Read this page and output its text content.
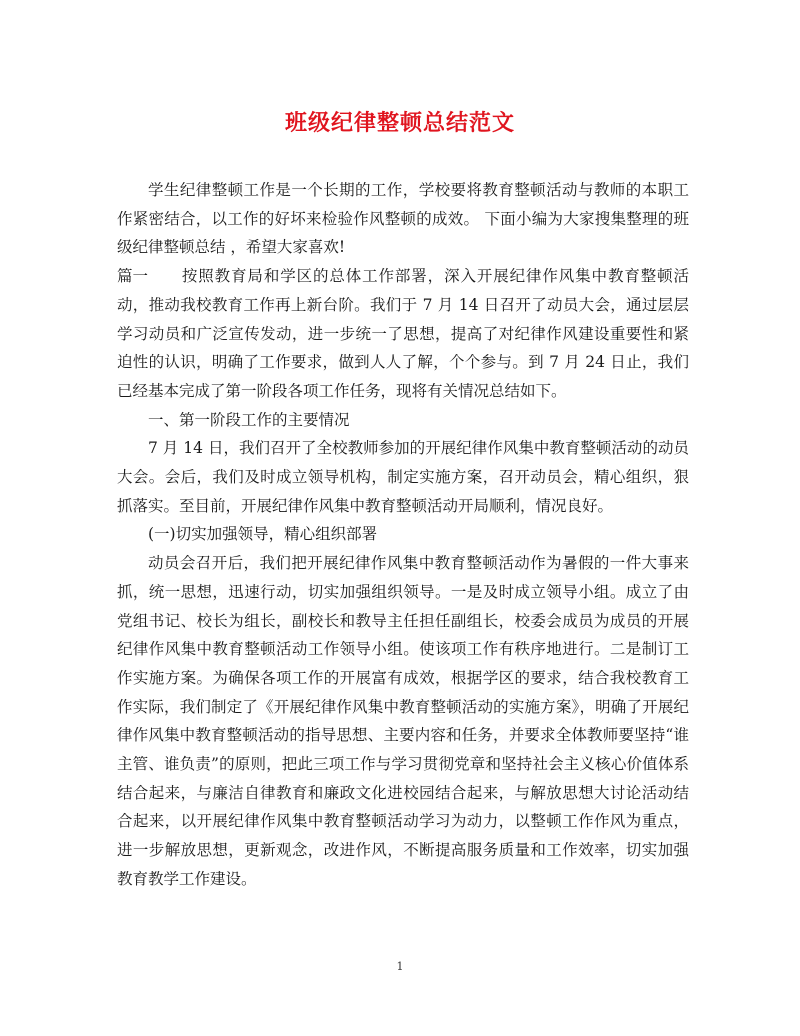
班级纪律整顿总结范文

学生纪律整顿工作是一个长期的工作，学校要将教育整顿活动与教师的本职工作紧密结合，以工作的好坏来检验作风整顿的成效。 下面小编为大家搜集整理的班级纪律整顿总结 ，希望大家喜欢!

篇一 按照教育局和学区的总体工作部署，深入开展纪律作风集中教育整顿活动，推动我校教育工作再上新台阶。我们于 7 月 14 日召开了动员大会，通过层层学习动员和广泛宣传发动，进一步统一了思想，提高了对纪律作风建设重要性和紧迫性的认识，明确了工作要求，做到人人了解，个个参与。到 7 月 24 日止，我们已经基本完成了第一阶段各项工作任务，现将有关情况总结如下。

一、第一阶段工作的主要情况

7 月 14 日，我们召开了全校教师参加的开展纪律作风集中教育整顿活动的动员大会。会后，我们及时成立领导机构，制定实施方案，召开动员会，精心组织，狠抓落实。至目前，开展纪律作风集中教育整顿活动开局顺利，情况良好。

(一)切实加强领导，精心组织部署

动员会召开后，我们把开展纪律作风集中教育整顿活动作为暑假的一件大事来抓，统一思想，迅速行动，切实加强组织领导。一是及时成立领导小组。成立了由党组书记、校长为组长，副校长和教导主任担任副组长，校委会成员为成员的开展纪律作风集中教育整顿活动工作领导小组。使该项工作有秩序地进行。二是制订工作实施方案。为确保各项工作的开展富有成效，根据学区的要求，结合我校教育工作实际，我们制定了《开展纪律作风集中教育整顿活动的实施方案》，明确了开展纪律作风集中教育整顿活动的指导思想、主要内容和任务，并要求全体教师要坚持“谁主管、谁负责”的原则，把此三项工作与学习贯彻党章和坚持社会主义核心价值体系结合起来，与廉洁自律教育和廉政文化进校园结合起来，与解放思想大讨论活动结合起来，以开展纪律作风集中教育整顿活动学习为动力，以整顿工作作风为重点，进一步解放思想，更新观念，改进作风，不断提高服务质量和工作效率，切实加强教育教学工作建设。

1
